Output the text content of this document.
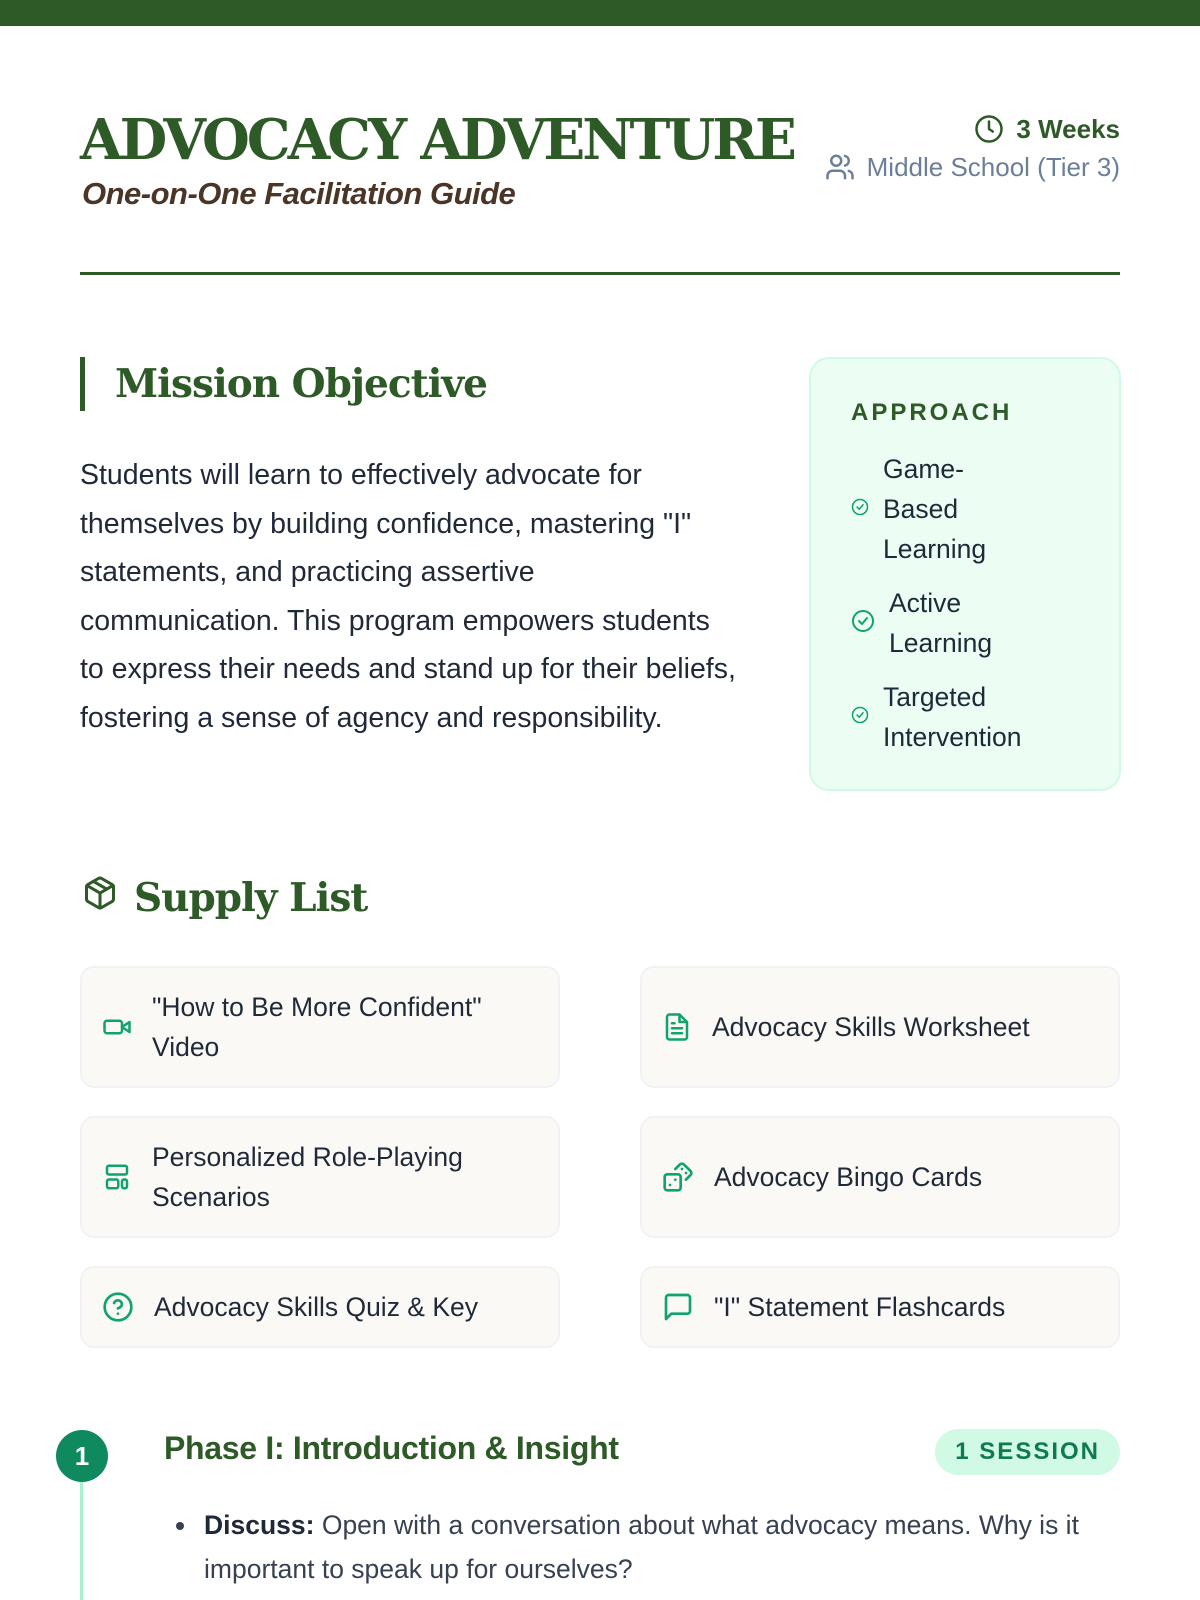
ADVOCACY ADVENTURE
One-on-One Facilitation Guide
3 Weeks
Middle School (Tier 3)
Mission Objective

Students will learn to effectively advocate for themselves by building confidence, mastering "I" statements, and practicing assertive communication. This program empowers students to express their needs and stand up for their beliefs, fostering a sense of agency and responsibility.

APPROACH
Game-Based Learning
Active Learning
Targeted Intervention
Supply List
"How to Be More Confident" Video
Advocacy Skills Worksheet
Personalized Role-Playing Scenarios
Advocacy Bingo Cards
Advocacy Skills Quiz & Key	"I" Statement Flashcards
1	Phase I: Introduction & Insight	1 SESSION
Discuss: Open with a conversation about what advocacy means. Why is it important to speak up for ourselves?
